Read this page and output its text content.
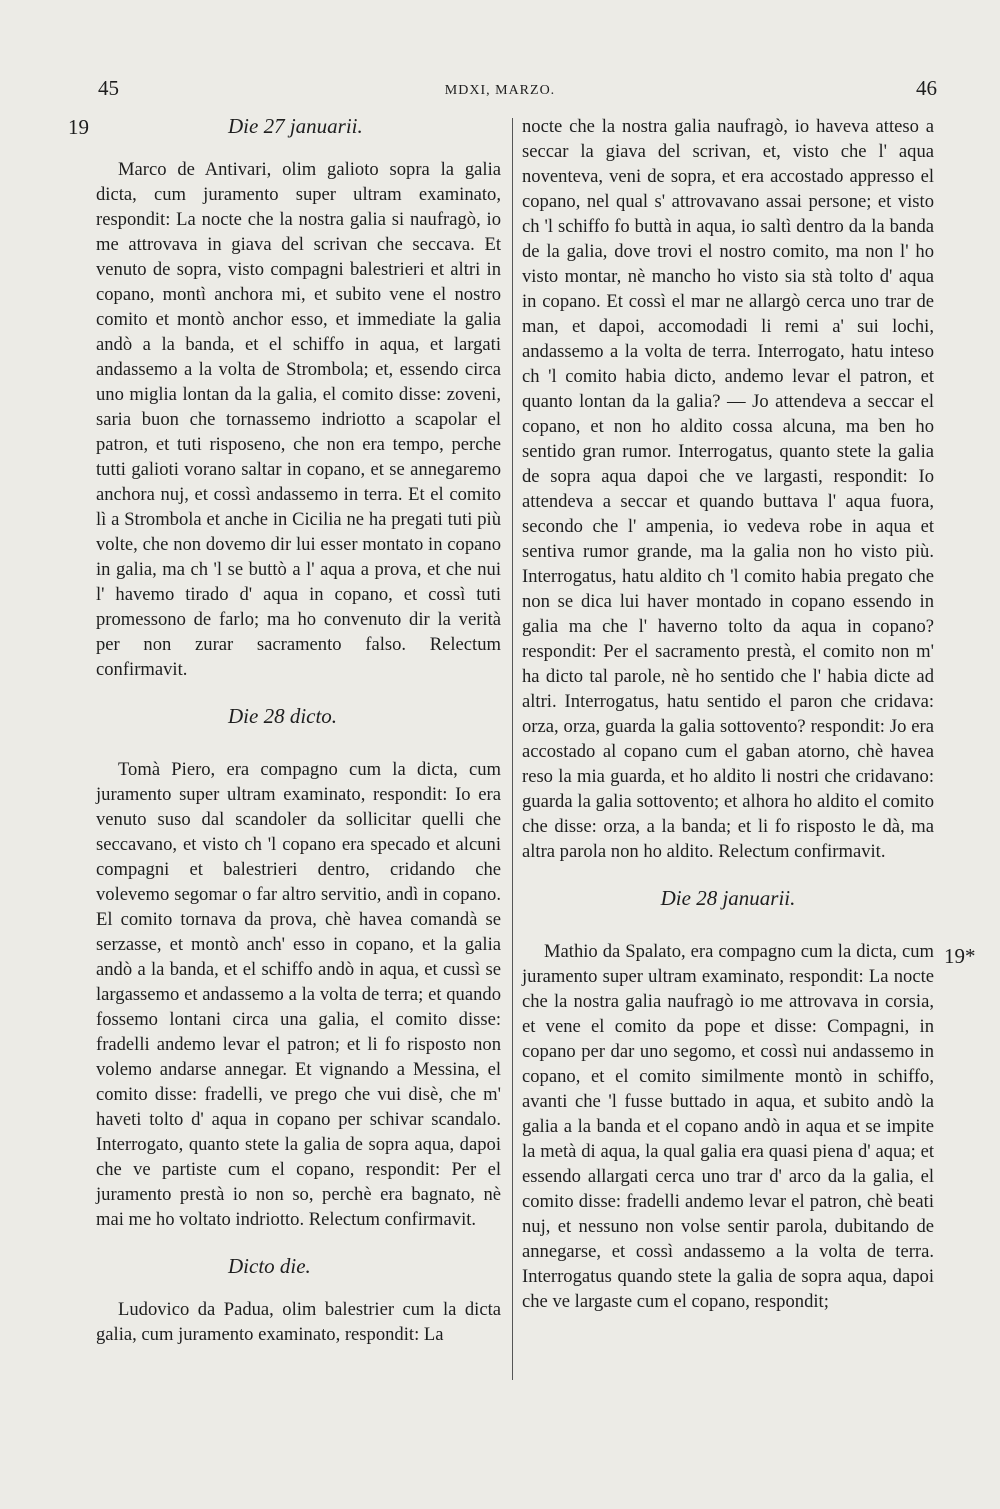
45	MDXI, MARZO.	46
19
19*
Die 27 januarii.

Marco de Antivari, olim galioto sopra la galia dicta, cum juramento super ultram examinato, respondit: La nocte che la nostra galia si naufragò, io me attrovava in giava del scrivan che seccava. Et venuto de sopra, visto compagni balestrieri et altri in copano, montì anchora mi, et subito vene el nostro comito et montò anchor esso, et immediate la galia andò a la banda, et el schiffo in aqua, et largati andassemo a la volta de Strombola; et, essendo circa uno miglia lontan da la galia, el comito disse: zoveni, saria buon che tornassemo indriotto a scapolar el patron, et tuti risposeno, che non era tempo, perche tutti galioti vorano saltar in copano, et se annegaremo anchora nuj, et cossì andassemo in terra. Et el comito lì a Strombola et anche in Cicilia ne ha pregati tuti più volte, che non dovemo dir lui esser montato in copano in galia, ma ch 'l se buttò a l' aqua a prova, et che nui l' havemo tirado d' aqua in copano, et cossì tuti promessono de farlo; ma ho convenuto dir la verità per non zurar sacramento falso. Relectum confirmavit.

Die 28 dicto.

Tomà Piero, era compagno cum la dicta, cum juramento super ultram examinato, respondit: Io era venuto suso dal scandoler da sollicitar quelli che seccavano, et visto ch 'l copano era specado et alcuni compagni et balestrieri dentro, cridando che volevemo segomar o far altro servitio, andì in copano. El comito tornava da prova, chè havea comandà se serzasse, et montò anch' esso in copano, et la galia andò a la banda, et el schiffo andò in aqua, et cussì se largassemo et andassemo a la volta de terra; et quando fossemo lontani circa una galia, el comito disse: fradelli andemo levar el patron; et li fo risposto non volemo andarse annegar. Et vignando a Messina, el comito disse: fradelli, ve prego che vui disè, che m' haveti tolto d' aqua in copano per schivar scandalo. Interrogato, quanto stete la galia de sopra aqua, dapoi che ve partiste cum el copano, respondit: Per el juramento prestà io non so, perchè era bagnato, nè mai me ho voltato indriotto. Relectum confirmavit.

Dicto die.

Ludovico da Padua, olim balestrier cum la dicta galia, cum juramento examinato, respondit: La

nocte che la nostra galia naufragò, io haveva atteso a seccar la giava del scrivan, et, visto che l' aqua noventeva, veni de sopra, et era accostado appresso el copano, nel qual s' attrovavano assai persone; et visto ch 'l schiffo fo buttà in aqua, io saltì dentro da la banda de la galia, dove trovi el nostro comito, ma non l' ho visto montar, nè mancho ho visto sia stà tolto d' aqua in copano. Et cossì el mar ne allargò cerca uno trar de man, et dapoi, accomodadi li remi a' sui lochi, andassemo a la volta de terra. Interrogato, hatu inteso ch 'l comito habia dicto, andemo levar el patron, et quanto lontan da la galia? — Jo attendeva a seccar el copano, et non ho aldito cossa alcuna, ma ben ho sentido gran rumor. Interrogatus, quanto stete la galia de sopra aqua dapoi che ve largasti, respondit: Io attendeva a seccar et quando buttava l' aqua fuora, secondo che l' ampenia, io vedeva robe in aqua et sentiva rumor grande, ma la galia non ho visto più. Interrogatus, hatu aldito ch 'l comito habia pregato che non se dica lui haver montado in copano essendo in galia ma che l' haverno tolto da aqua in copano? respondit: Per el sacramento prestà, el comito non m' ha dicto tal parole, nè ho sentido che l' habia dicte ad altri. Interrogatus, hatu sentido el paron che cridava: orza, orza, guarda la galia sottovento? respondit: Jo era accostado al copano cum el gaban atorno, chè havea reso la mia guarda, et ho aldito li nostri che cridavano: guarda la galia sottovento; et alhora ho aldito el comito che disse: orza, a la banda; et li fo risposto le dà, ma altra parola non ho aldito. Relectum confirmavit.

Die 28 januarii.

Mathio da Spalato, era compagno cum la dicta, cum juramento super ultram examinato, respondit: La nocte che la nostra galia naufragò io me attrovava in corsia, et vene el comito da pope et disse: Compagni, in copano per dar uno segomo, et cossì nui andassemo in copano, et el comito similmente montò in schiffo, avanti che 'l fusse buttado in aqua, et subito andò la galia a la banda et el copano andò in aqua et se impite la metà di aqua, la qual galia era quasi piena d' aqua; et essendo allargati cerca uno trar d' arco da la galia, el comito disse: fradelli andemo levar el patron, chè beati nuj, et nessuno non volse sentir parola, dubitando de annegarse, et cossì andassemo a la volta de terra. Interrogatus quando stete la galia de sopra aqua, dapoi che ve largaste cum el copano, respondit;
